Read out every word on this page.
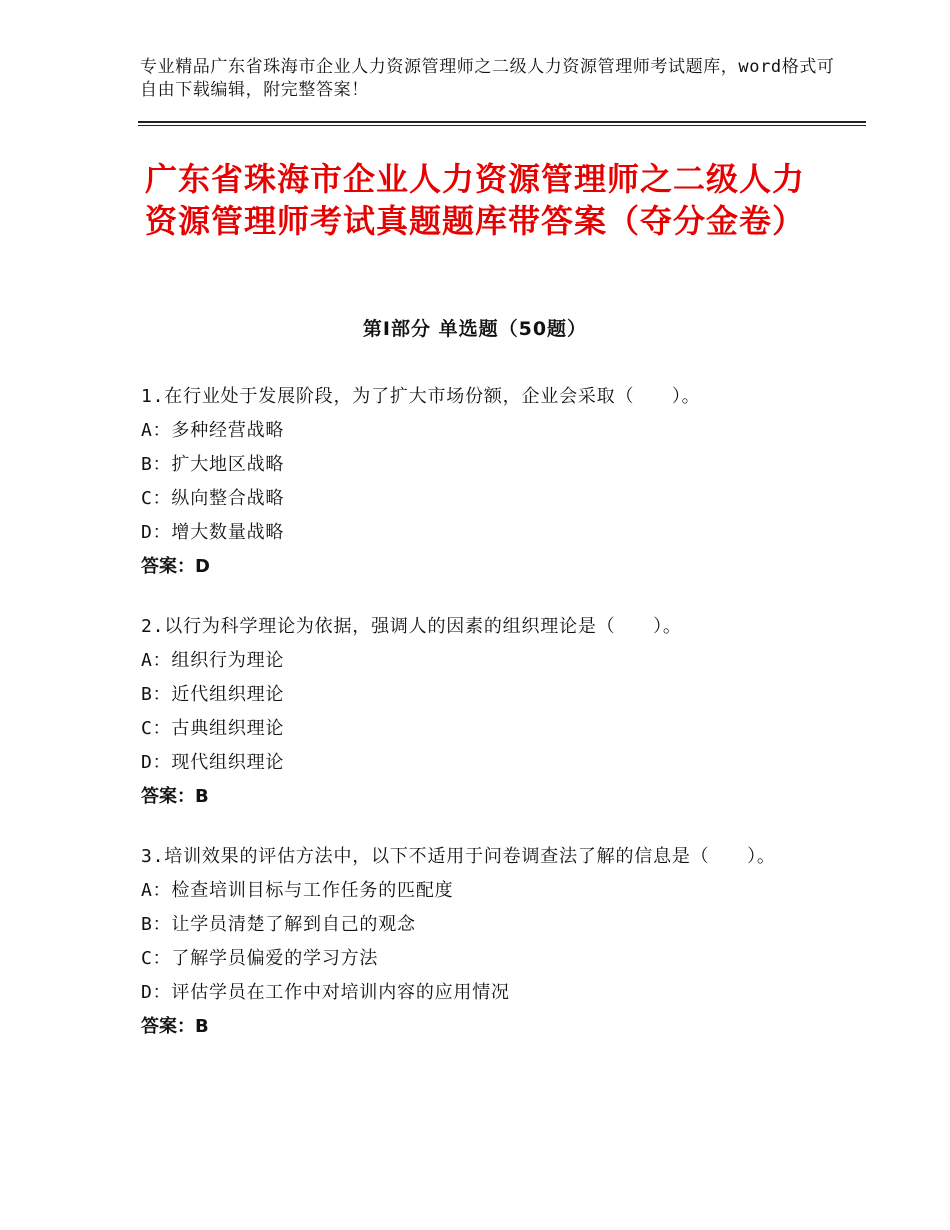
专业精品广东省珠海市企业人力资源管理师之二级人力资源管理师考试题库，word格式可自由下载编辑，附完整答案！
广东省珠海市企业人力资源管理师之二级人力资源管理师考试真题题库带答案（夺分金卷）
第Ⅰ部分 单选题（50题）
1.在行业处于发展阶段，为了扩大市场份额，企业会采取（　　）。
A：多种经营战略
B：扩大地区战略
C：纵向整合战略
D：增大数量战略
答案：D
2.以行为科学理论为依据，强调人的因素的组织理论是（　　）。
A：组织行为理论
B：近代组织理论
C：古典组织理论
D：现代组织理论
答案：B
3.培训效果的评估方法中，以下不适用于问卷调查法了解的信息是（　　）。
A：检查培训目标与工作任务的匹配度
B：让学员清楚了解到自己的观念
C：了解学员偏爱的学习方法
D：评估学员在工作中对培训内容的应用情况
答案：B
